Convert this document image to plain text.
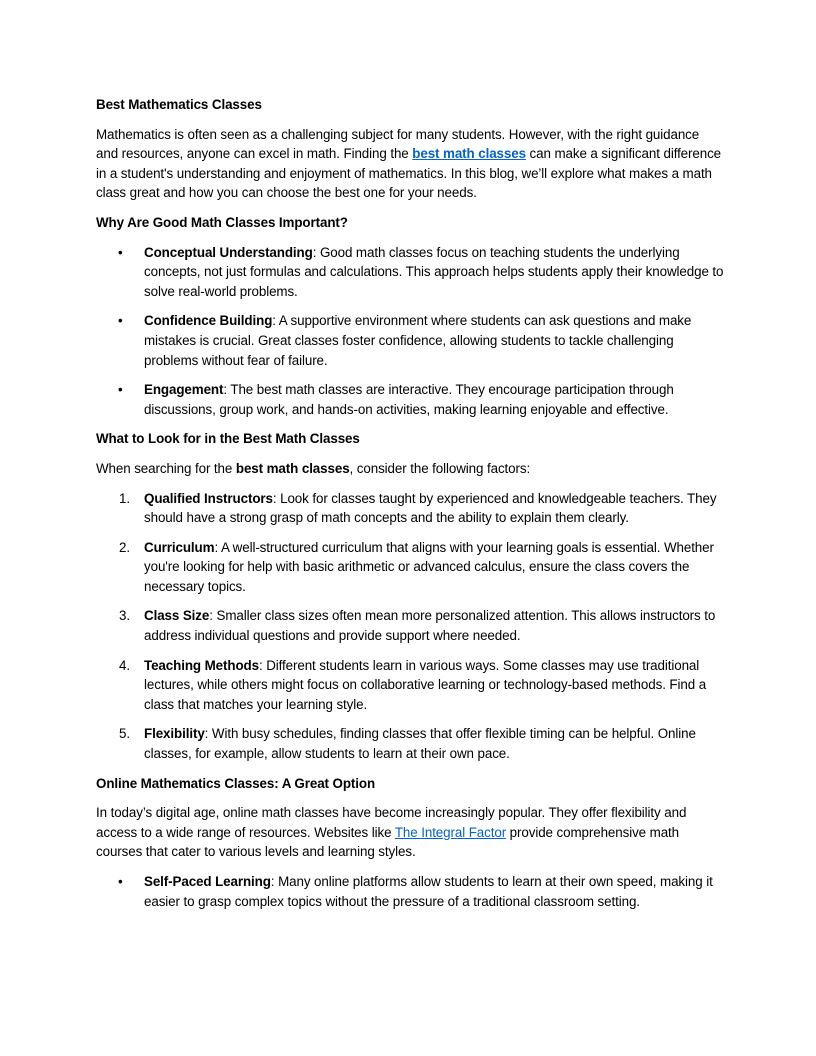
Best Mathematics Classes

Mathematics is often seen as a challenging subject for many students. However, with the right guidance and resources, anyone can excel in math. Finding the best math classes can make a significant difference in a student's understanding and enjoyment of mathematics. In this blog, we’ll explore what makes a math class great and how you can choose the best one for your needs.

Why Are Good Math Classes Important?
•	Conceptual Understanding: Good math classes focus on teaching students the underlying concepts, not just formulas and calculations. This approach helps students apply their knowledge to solve real-world problems.
•	Confidence Building: A supportive environment where students can ask questions and make mistakes is crucial. Great classes foster confidence, allowing students to tackle challenging problems without fear of failure.
•	Engagement: The best math classes are interactive. They encourage participation through discussions, group work, and hands-on activities, making learning enjoyable and effective.
What to Look for in the Best Math Classes

When searching for the best math classes, consider the following factors:

1.	Qualified Instructors: Look for classes taught by experienced and knowledgeable teachers. They should have a strong grasp of math concepts and the ability to explain them clearly.
2.	Curriculum: A well-structured curriculum that aligns with your learning goals is essential. Whether you're looking for help with basic arithmetic or advanced calculus, ensure the class covers the necessary topics.
3.	Class Size: Smaller class sizes often mean more personalized attention. This allows instructors to address individual questions and provide support where needed.
4.	Teaching Methods: Different students learn in various ways. Some classes may use traditional lectures, while others might focus on collaborative learning or technology-based methods. Find a class that matches your learning style.
5.	Flexibility: With busy schedules, finding classes that offer flexible timing can be helpful. Online classes, for example, allow students to learn at their own pace.
Online Mathematics Classes: A Great Option

In today’s digital age, online math classes have become increasingly popular. They offer flexibility and access to a wide range of resources. Websites like The Integral Factor provide comprehensive math courses that cater to various levels and learning styles.

•	Self-Paced Learning: Many online platforms allow students to learn at their own speed, making it easier to grasp complex topics without the pressure of a traditional classroom setting.
